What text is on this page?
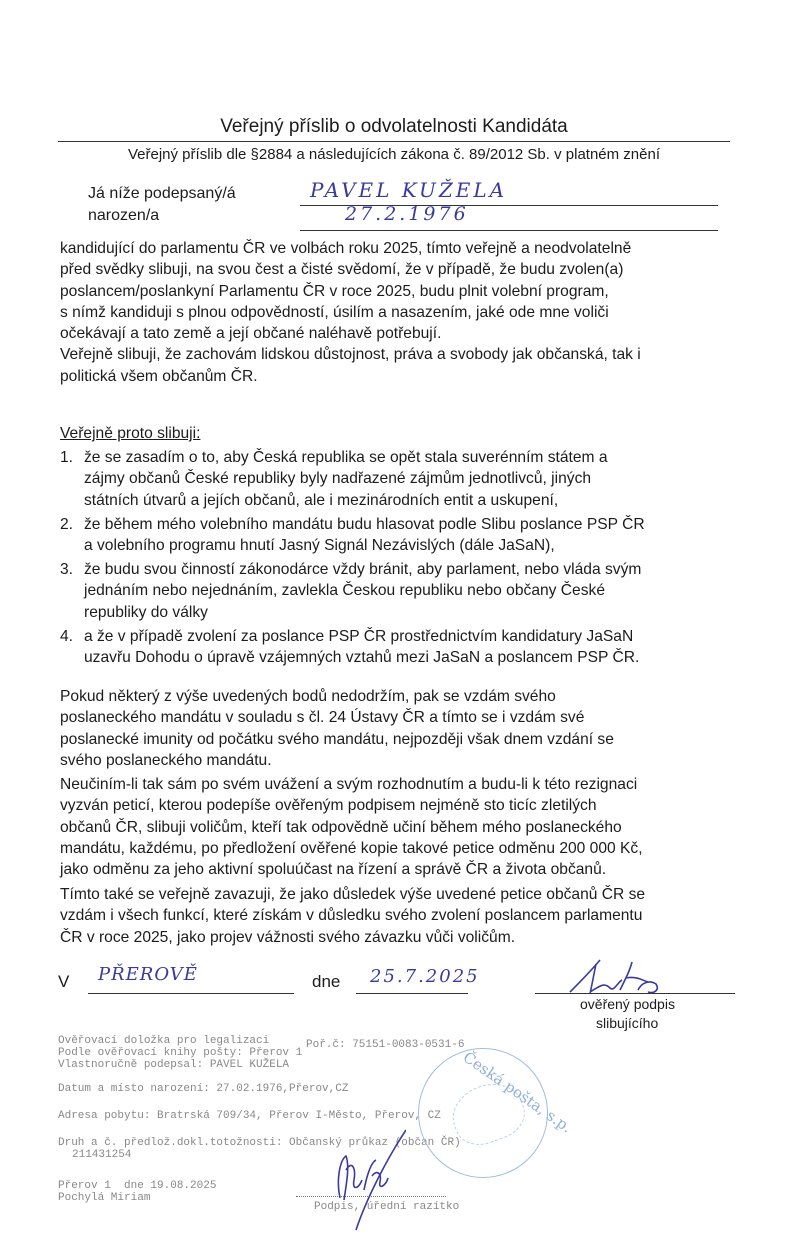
Veřejný příslib o odvolatelnosti Kandidáta
Veřejný příslib dle §2884 a následujících zákona č. 89/2012 Sb. v platném znění
Já níže podepsaný/á	PAVEL KUŽELA
narozen/a	27.2.1976
kandidující do parlamentu ČR ve volbách roku 2025, tímto veřejně a neodvolatelně
před svědky slibuji, na svou čest a čisté svědomí, že v případě, že budu zvolen(a)
poslancem/poslankyní Parlamentu ČR v roce 2025, budu plnit volební program,
s nímž kandiduji s plnou odpovědností, úsilím a nasazením, jaké ode mne voliči
očekávají a tato země a její občané naléhavě potřebují.
Veřejně slibuji, že zachovám lidskou důstojnost, práva a svobody jak občanská, tak i
politická všem občanům ČR.
Veřejně proto slibuji:
1. že se zasadím o to, aby Česká republika se opět stala suverénním státem a
zájmy občanů České republiky byly nadřazené zájmům jednotlivců, jiných
státních útvarů a jejích občanů, ale i mezinárodních entit a uskupení,
2. že během mého volebního mandátu budu hlasovat podle Slibu poslance PSP ČR
a volebního programu hnutí Jasný Signál Nezávislých (dále JaSaN),
3. že budu svou činností zákonodárce vždy bránit, aby parlament, nebo vláda svým
jednáním nebo nejednáním, zavlekla Českou republiku nebo občany České
republiky do války
4. a že v případě zvolení za poslance PSP ČR prostřednictvím kandidatury JaSaN
uzavřu Dohodu o úpravě vzájemných vztahů mezi JaSaN a poslancem PSP ČR.
Pokud některý z výše uvedených bodů nedodržím, pak se vzdám svého
poslaneckého mandátu v souladu s čl. 24 Ústavy ČR a tímto se i vzdám své
poslanecké imunity od počátku svého mandátu, nejpozději však dnem vzdání se
svého poslaneckého mandátu.
Neučiním-li tak sám po svém uvážení a svým rozhodnutím a budu-li k této rezignaci
vyzván peticí, kterou podepíše ověřeným podpisem nejméně sto ticíc zletilých
občanů ČR, slibuji voličům, kteří tak odpovědně učiní během mého poslaneckého
mandátu, každému, po předložení ověřené kopie takové petice odměnu 200 000 Kč,
jako odměnu za jeho aktivní spoluúčast na řízení a správě ČR a života občanů.
Tímto také se veřejně zavazuji, že jako důsledek výše uvedené petice občanů ČR se
vzdám i všech funkcí, které získám v důsledku svého zvolení poslancem parlamentu
ČR v roce 2025, jako projev vážnosti svého závazku vůči voličům.
V PŘEROVĚ	dne 25.7.2025
ověřený podpis
slibujícího
Ověřovací doložka pro legalizaci
Podle ověřovací knihy pošty: Přerov 1
Vlastnoručně podepsal: PAVEL KUŽELA
Poř.č: 75151-0083-0531-6
Datum a místo narození: 27.02.1976,Přerov,CZ
Adresa pobytu: Bratrská 709/34, Přerov I-Město, Přerov, CZ
Druh a č. předlož.dokl.totožnosti: Občanský průkaz (občan ČR)
211431254
Přerov 1  dne 19.08.2025
Pochylá Miriam
Podpis, úřední razítko
Česká pošta, s.p.
